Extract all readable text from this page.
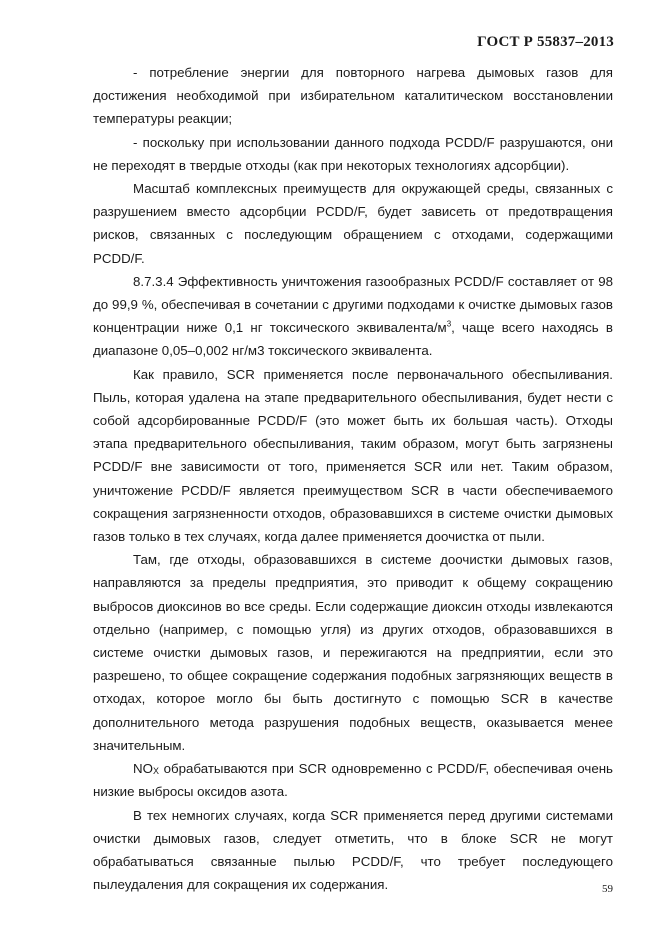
ГОСТ Р 55837–2013

- потребление энергии для повторного нагрева дымовых газов для достижения необходимой при избирательном каталитическом восстановлении температуры реакции;

- поскольку при использовании данного подхода PCDD/F разрушаются, они не переходят в твердые отходы (как при некоторых технологиях адсорбции).

Масштаб комплексных преимуществ для окружающей среды, связанных с разрушением вместо адсорбции PCDD/F, будет зависеть от предотвращения рисков, связанных с последующим обращением с отходами, содержащими PCDD/F.

8.7.3.4 Эффективность уничтожения газообразных PCDD/F составляет от 98 до 99,9 %, обеспечивая в сочетании с другими подходами к очистке дымовых газов концентрации ниже 0,1 нг токсического эквивалента/$м^3$, чаще всего находясь в диапазоне 0,05–0,002 нг/м3 токсического эквивалента.

Как правило, SCR применяется после первоначального обеспыливания. Пыль, которая удалена на этапе предварительного обеспыливания, будет нести с собой адсорбированные PCDD/F (это может быть их большая часть). Отходы этапа предварительного обеспыливания, таким образом, могут быть загрязнены PCDD/F вне зависимости от того, применяется SCR или нет. Таким образом, уничтожение PCDD/F является преимуществом SCR в части обеспечиваемого сокращения загрязненности отходов, образовавшихся в системе очистки дымовых газов только в тех случаях, когда далее применяется доочистка от пыли.

Там, где отходы, образовавшихся в системе доочистки дымовых газов, направляются за пределы предприятия, это приводит к общему сокращению выбросов диоксинов во все среды. Если содержащие диоксин отходы извлекаются отдельно (например, с помощью угля) из других отходов, образовавшихся в системе очистки дымовых газов, и пережигаются на предприятии, если это разрешено, то общее сокращение содержания подобных загрязняющих веществ в отходах, которое могло бы быть достигнуто с помощью SCR в качестве дополнительного метода разрушения подобных веществ, оказывается менее значительным.

$NO_X$ обрабатываются при SCR одновременно с PCDD/F, обеспечивая очень низкие выбросы оксидов азота.

В тех немногих случаях, когда SCR применяется перед другими системами очистки дымовых газов, следует отметить, что в блоке SCR не могут обрабатываться связанные пылью PCDD/F, что требует последующего пылеудаления для сокращения их содержания.	59
